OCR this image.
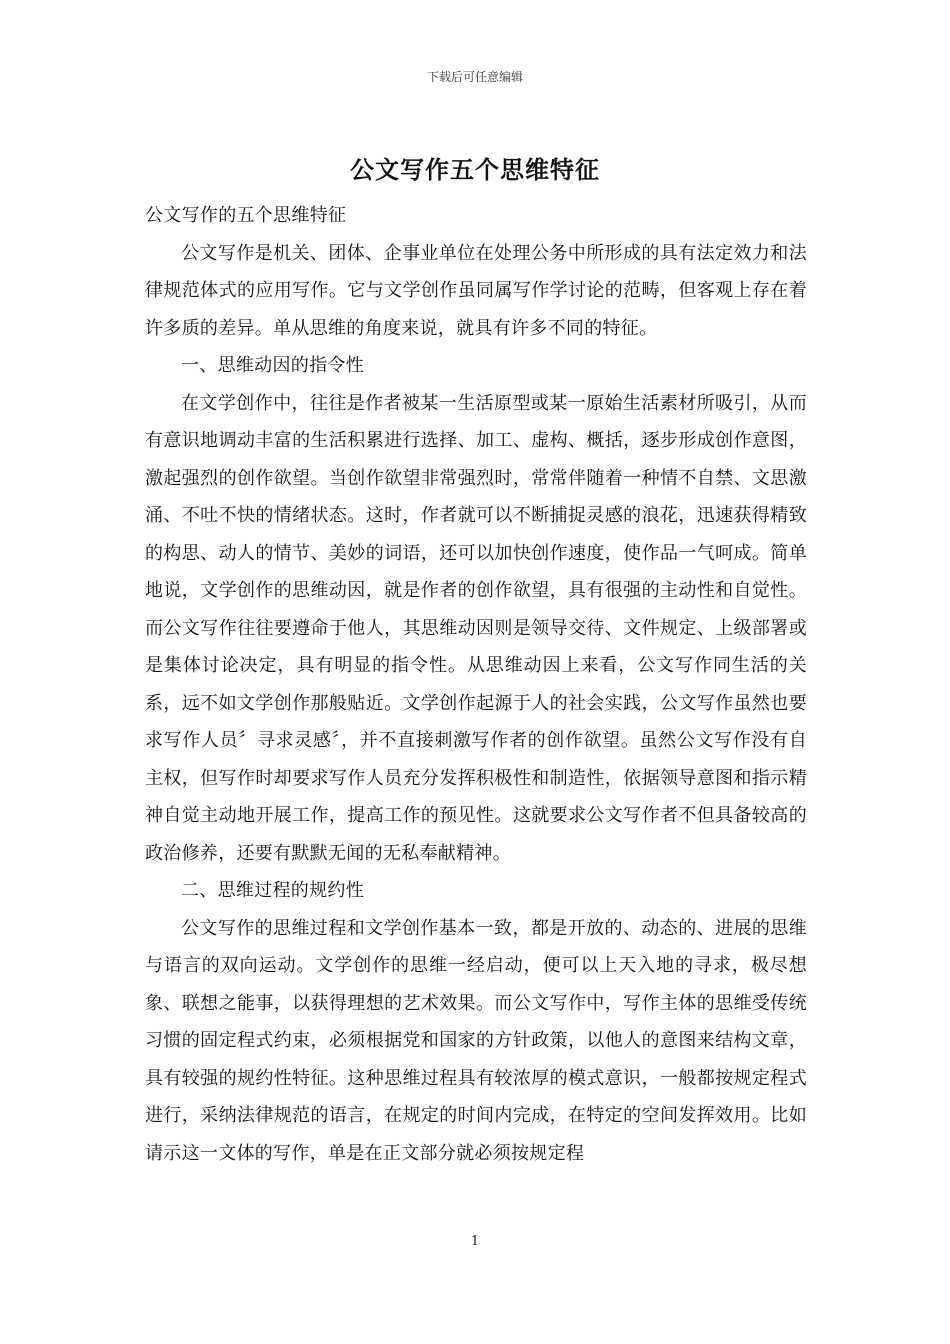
下载后可任意编辑
公文写作五个思维特征

公文写作的五个思维特征

公文写作是机关、团体、企事业单位在处理公务中所形成的具有法定效力和法律规范体式的应用写作。它与文学创作虽同属写作学讨论的范畴，但客观上存在着许多质的差异。单从思维的角度来说，就具有许多不同的特征。

一、思维动因的指令性

在文学创作中，往往是作者被某一生活原型或某一原始生活素材所吸引，从而有意识地调动丰富的生活积累进行选择、加工、虚构、概括，逐步形成创作意图，激起强烈的创作欲望。当创作欲望非常强烈时，常常伴随着一种情不自禁、文思激涌、不吐不快的情绪状态。这时，作者就可以不断捕捉灵感的浪花，迅速获得精致的构思、动人的情节、美妙的词语，还可以加快创作速度，使作品一气呵成。简单地说，文学创作的思维动因，就是作者的创作欲望，具有很强的主动性和自觉性。而公文写作往往要遵命于他人，其思维动因则是领导交待、文件规定、上级部署或是集体讨论决定，具有明显的指令性。从思维动因上来看，公文写作同生活的关系，远不如文学创作那般贴近。文学创作起源于人的社会实践，公文写作虽然也要求写作人员〞寻求灵感〞，并不直接刺激写作者的创作欲望。虽然公文写作没有自主权，但写作时却要求写作人员充分发挥积极性和制造性，依据领导意图和指示精神自觉主动地开展工作，提高工作的预见性。这就要求公文写作者不但具备较高的政治修养，还要有默默无闻的无私奉献精神。

二、思维过程的规约性

公文写作的思维过程和文学创作基本一致，都是开放的、动态的、进展的思维与语言的双向运动。文学创作的思维一经启动，便可以上天入地的寻求，极尽想象、联想之能事，以获得理想的艺术效果。而公文写作中，写作主体的思维受传统习惯的固定程式约束，必须根据党和国家的方针政策，以他人的意图来结构文章，具有较强的规约性特征。这种思维过程具有较浓厚的模式意识，一般都按规定程式进行，采纳法律规范的语言，在规定的时间内完成，在特定的空间发挥效用。比如请示这一文体的写作，单是在正文部分就必须按规定程

1
